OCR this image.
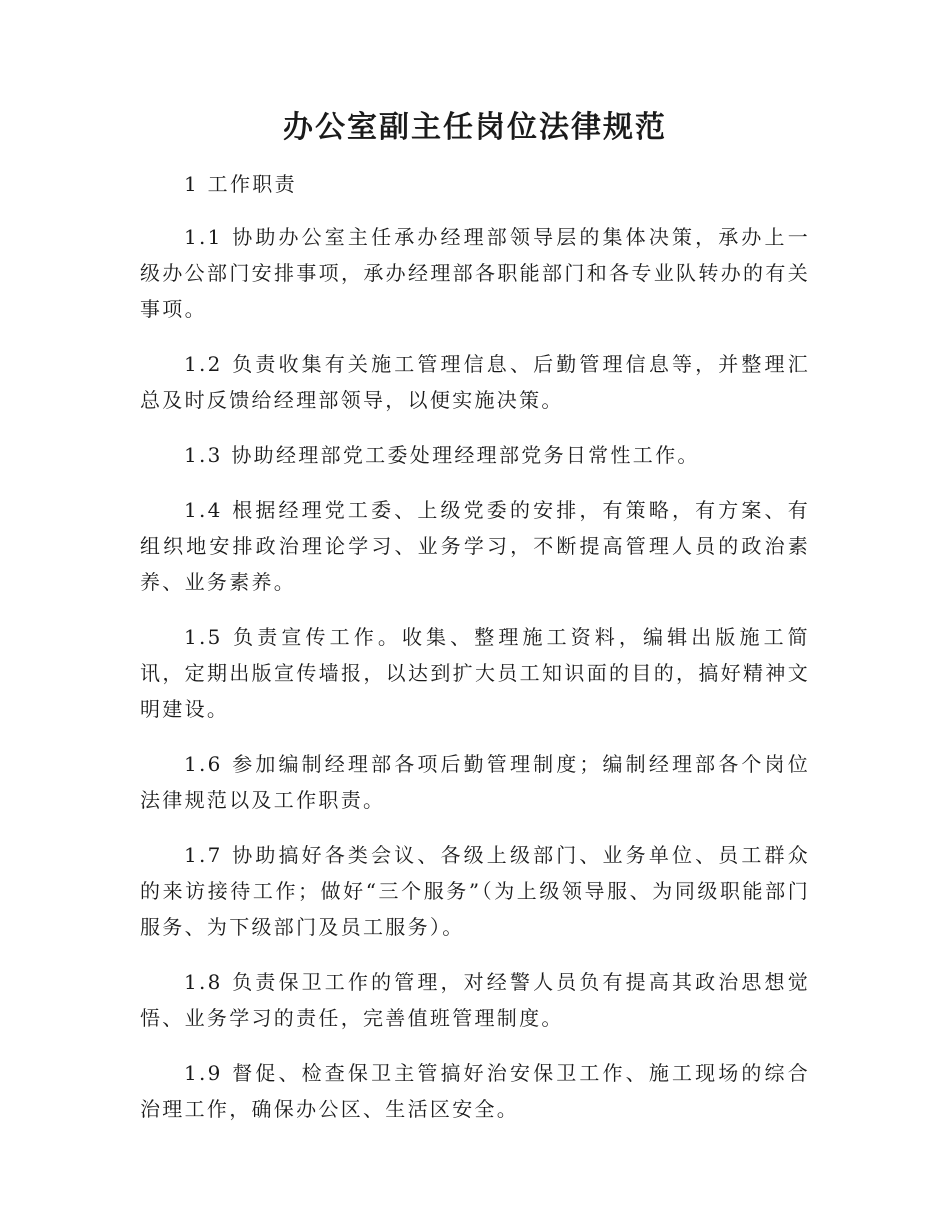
办公室副主任岗位法律规范

1 工作职责

1.1 协助办公室主任承办经理部领导层的集体决策，承办上一级办公部门安排事项，承办经理部各职能部门和各专业队转办的有关事项。

1.2 负责收集有关施工管理信息、后勤管理信息等，并整理汇总及时反馈给经理部领导，以便实施决策。

1.3 协助经理部党工委处理经理部党务日常性工作。

1.4 根据经理党工委、上级党委的安排，有策略，有方案、有组织地安排政治理论学习、业务学习，不断提高管理人员的政治素养、业务素养。

1.5 负责宣传工作。收集、整理施工资料，编辑出版施工简讯，定期出版宣传墙报，以达到扩大员工知识面的目的，搞好精神文明建设。

1.6 参加编制经理部各项后勤管理制度；编制经理部各个岗位法律规范以及工作职责。

1.7 协助搞好各类会议、各级上级部门、业务单位、员工群众的来访接待工作；做好“三个服务”（为上级领导服、为同级职能部门服务、为下级部门及员工服务）。

1.8 负责保卫工作的管理，对经警人员负有提高其政治思想觉悟、业务学习的责任，完善值班管理制度。

1.9 督促、检查保卫主管搞好治安保卫工作、施工现场的综合治理工作，确保办公区、生活区安全。
